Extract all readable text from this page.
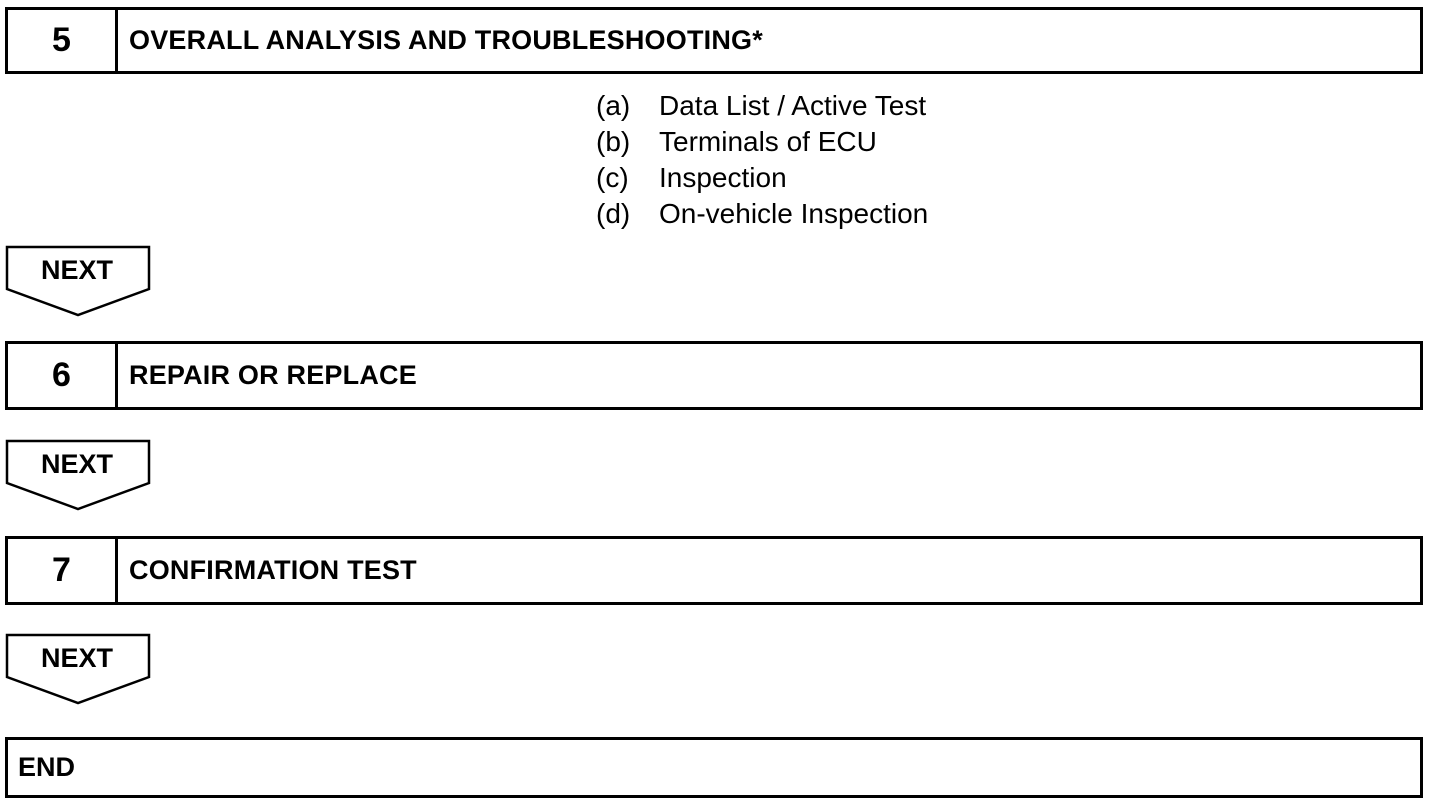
5	OVERALL ANALYSIS AND TROUBLESHOOTING*
(a)	Data List / Active Test
(b)	Terminals of ECU
(c)	Inspection
(d)	On-vehicle Inspection
NEXT
6	REPAIR OR REPLACE
NEXT
7	CONFIRMATION TEST
NEXT
END
